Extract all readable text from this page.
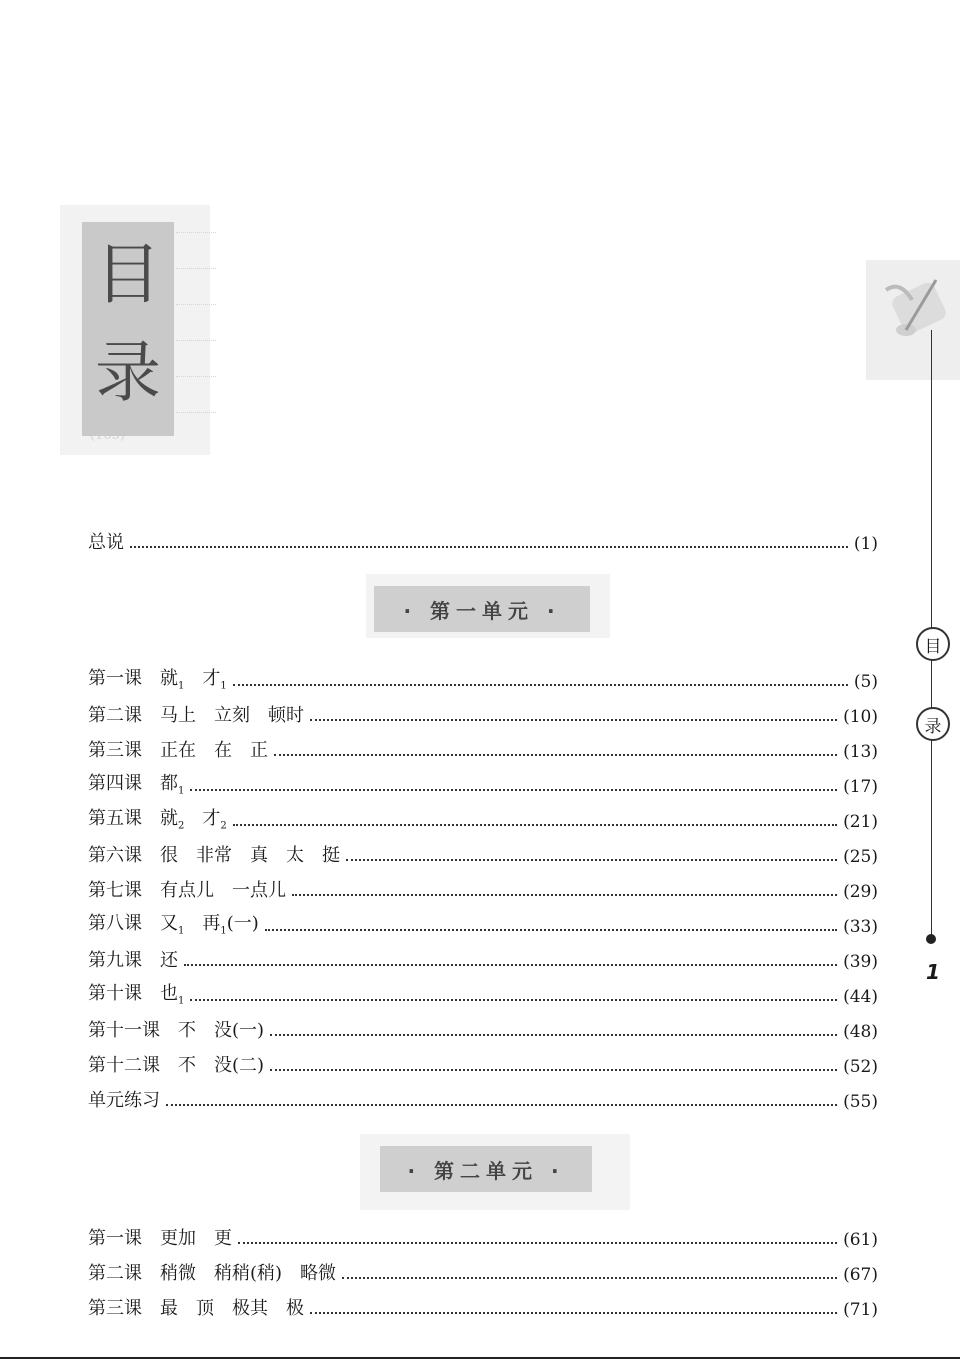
目
录
总说	(1)
· 第一单元 ·
第一课　就$_1$　才$_1$	(5)
第二课　马上　立刻　顿时	(10)
第三课　正在　在　正	(13)
第四课　都$_1$	(17)
第五课　就$_2$　才$_2$	(21)
第六课　很　非常　真　太　挺	(25)
第七课　有点儿　一点儿	(29)
第八课　又$_1$　再$_1$(一)	(33)
第九课　还	(39)
第十课　也$_1$	(44)
第十一课　不　没(一)	(48)
第十二课　不　没(二)	(52)
单元练习	(55)
· 第二单元 ·
第一课　更加　更	(61)
第二课　稍微　稍稍(稍)　略微	(67)
第三课　最　顶　极其　极	(71)
目
录
1
